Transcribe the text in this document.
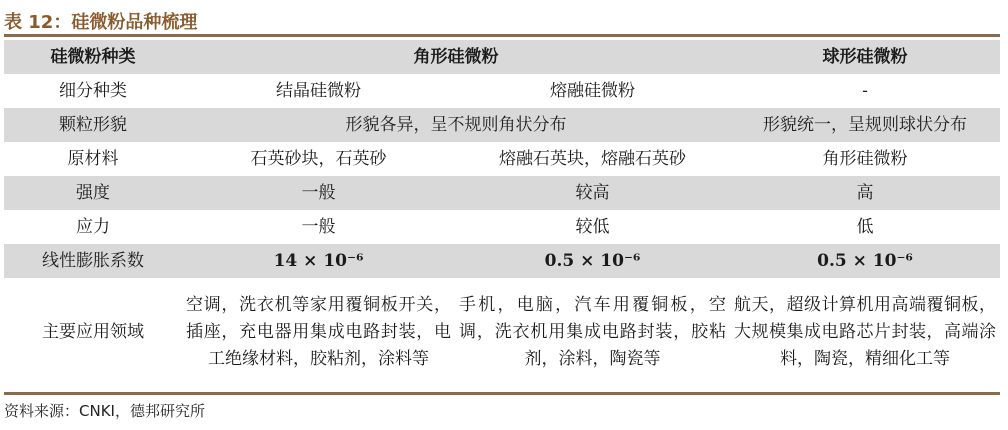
表 12：硅微粉品种梳理
硅微粉种类	角形硅微粉		球形硅微粉
细分种类	结晶硅微粉	熔融硅微粉	-
颗粒形貌	形貌各异，呈不规则角状分布		形貌统一，呈规则球状分布
原材料	石英砂块，石英砂	熔融石英块，熔融石英砂	角形硅微粉
强度	一般	较高	高
应力	一般	较低	低
线性膨胀系数	14 × 10⁻⁶	0.5 × 10⁻⁶	0.5 × 10⁻⁶
主要应用领域	空调，洗衣机等家用覆铜板开关，插座，充电器用集成电路封装，电工绝缘材料，胶粘剂，涂料等	手机，电脑，汽车用覆铜板，空调，洗衣机用集成电路封装，胶粘剂，涂料，陶瓷等	航天，超级计算机用高端覆铜板，大规模集成电路芯片封装，高端涂料，陶瓷，精细化工等
资料来源：CNKI，德邦研究所
